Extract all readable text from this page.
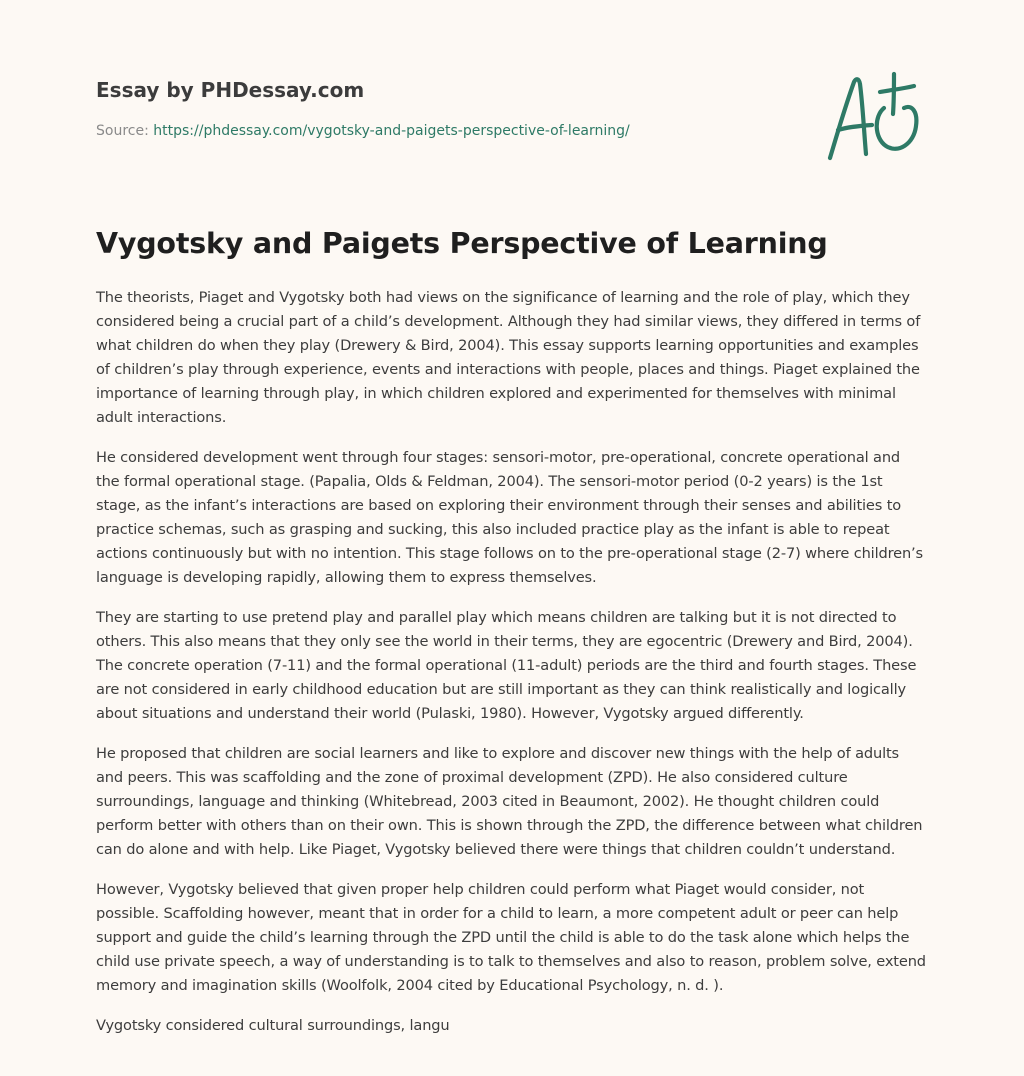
Essay by PHDessay.com
Source: https://phdessay.com/vygotsky-and-paigets-perspective-of-learning/
Vygotsky and Paigets Perspective of Learning

The theorists, Piaget and Vygotsky both had views on the significance of learning and the role of play, which they considered being a crucial part of a child’s development. Although they had similar views, they differed in terms of what children do when they play (Drewery & Bird, 2004). This essay supports learning opportunities and examples of children’s play through experience, events and interactions with people, places and things. Piaget explained the importance of learning through play, in which children explored and experimented for themselves with minimal adult interactions.

He considered development went through four stages: sensori-motor, pre-operational, concrete operational and the formal operational stage. (Papalia, Olds & Feldman, 2004). The sensori-motor period (0-2 years) is the 1st stage, as the infant’s interactions are based on exploring their environment through their senses and abilities to practice schemas, such as grasping and sucking, this also included practice play as the infant is able to repeat actions continuously but with no intention. This stage follows on to the pre-operational stage (2-7) where children’s language is developing rapidly, allowing them to express themselves.

They are starting to use pretend play and parallel play which means children are talking but it is not directed to others. This also means that they only see the world in their terms, they are egocentric (Drewery and Bird, 2004). The concrete operation (7-11) and the formal operational (11-adult) periods are the third and fourth stages. These are not considered in early childhood education but are still important as they can think realistically and logically about situations and understand their world (Pulaski, 1980). However, Vygotsky argued differently.

He proposed that children are social learners and like to explore and discover new things with the help of adults and peers. This was scaffolding and the zone of proximal development (ZPD). He also considered culture surroundings, language and thinking (Whitebread, 2003 cited in Beaumont, 2002). He thought children could perform better with others than on their own. This is shown through the ZPD, the difference between what children can do alone and with help. Like Piaget, Vygotsky believed there were things that children couldn’t understand.

However, Vygotsky believed that given proper help children could perform what Piaget would consider, not possible. Scaffolding however, meant that in order for a child to learn, a more competent adult or peer can help support and guide the child’s learning through the ZPD until the child is able to do the task alone which helps the child use private speech, a way of understanding is to talk to themselves and also to reason, problem solve, extend memory and imagination skills (Woolfolk, 2004 cited by Educational Psychology, n. d. ).

Vygotsky considered cultural surroundings, langu
